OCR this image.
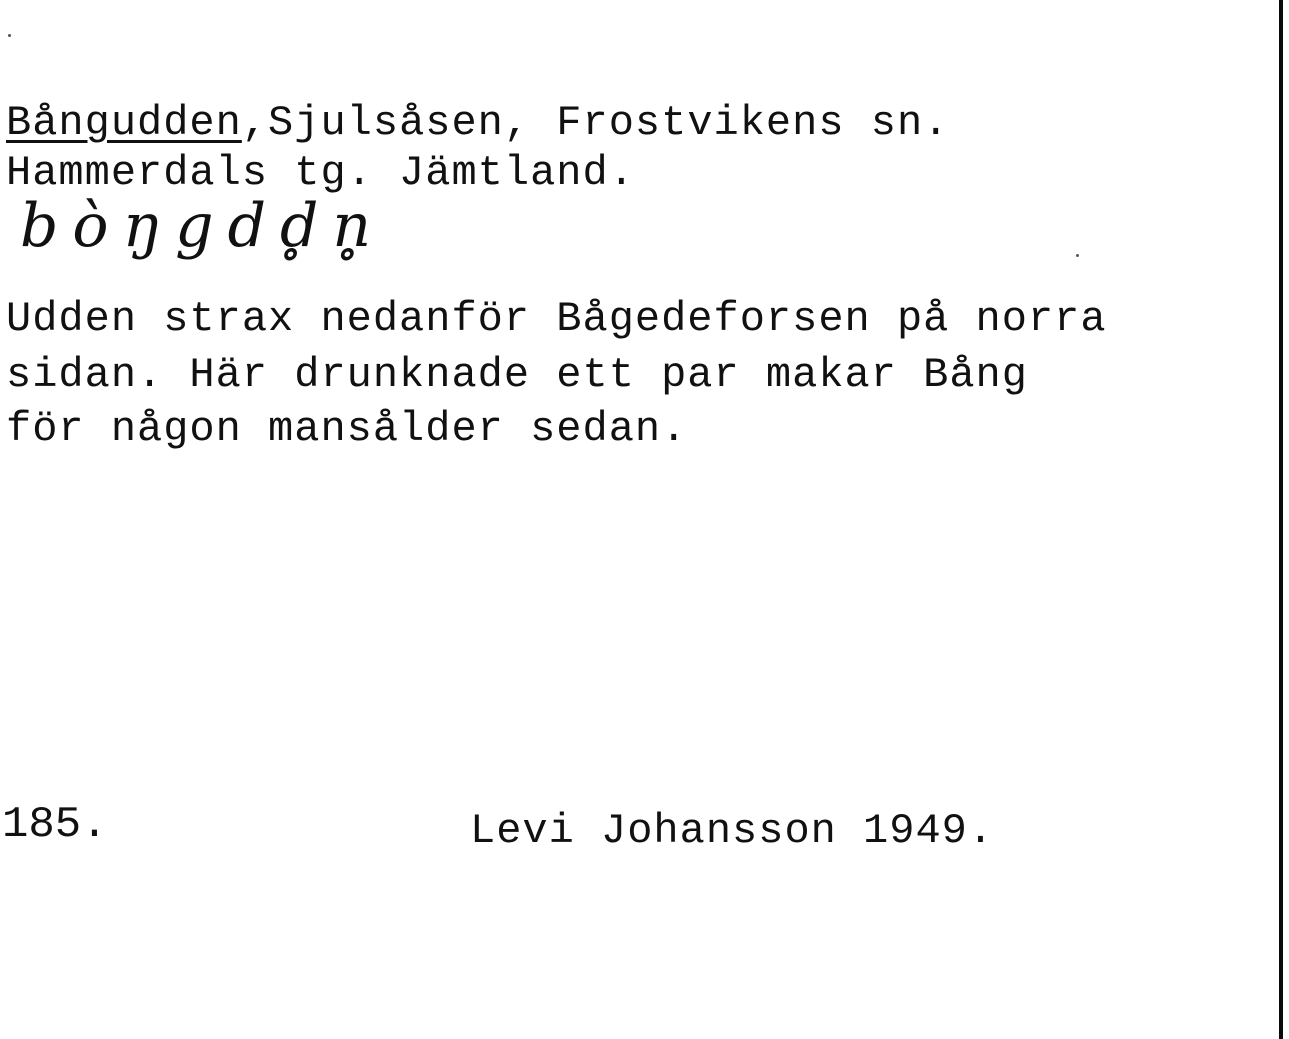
Bångudden,Sjulsåsen, Frostvikens sn.
Hammerdals tg. Jämtland.
bòŋgdd̥n̥
Udden strax nedanför Bågedeforsen på norra
sidan. Här drunknade ett par makar Bång
för någon mansålder sedan.
185.	Levi Johansson 1949.
